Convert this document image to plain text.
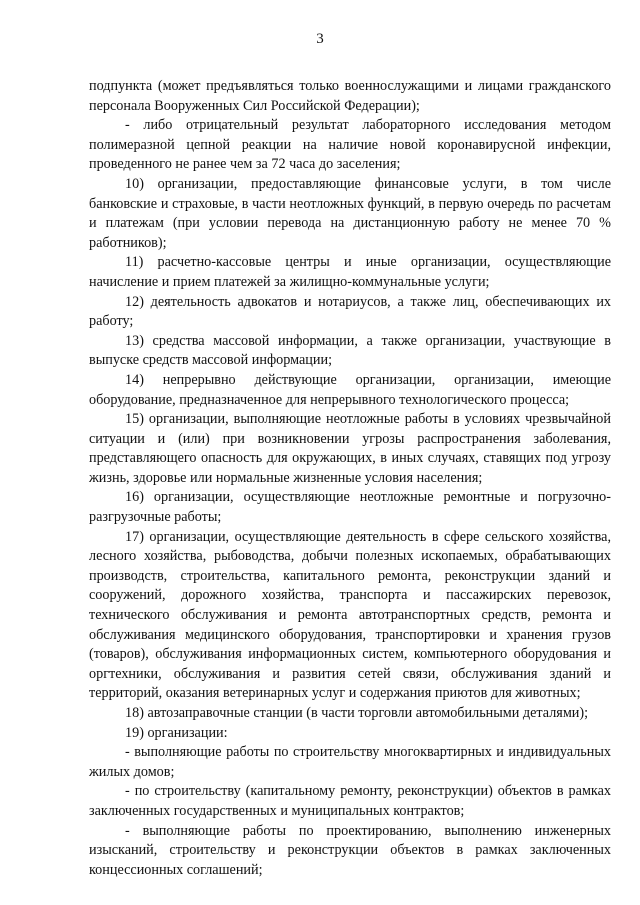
3

подпункта (может предъявляться только военнослужащими и лицами гражданского персонала Вооруженных Сил Российской Федерации);

- либо отрицательный результат лабораторного исследования методом полимеразной цепной реакции на наличие новой коронавирусной инфекции, проведенного не ранее чем за 72 часа до заселения;

10) организации, предоставляющие финансовые услуги, в том числе банковские и страховые, в части неотложных функций, в первую очередь по расчетам и платежам (при условии перевода на дистанционную работу не менее 70 % работников);

11) расчетно-кассовые центры и иные организации, осуществляющие начисление и прием платежей за жилищно-коммунальные услуги;

12) деятельность адвокатов и нотариусов, а также лиц, обеспечивающих их работу;

13) средства массовой информации, а также организации, участвующие в выпуске средств массовой информации;

14) непрерывно действующие организации, организации, имеющие оборудование, предназначенное для непрерывного технологического процесса;

15) организации, выполняющие неотложные работы в условиях чрезвычайной ситуации и (или) при возникновении угрозы распространения заболевания, представляющего опасность для окружающих, в иных случаях, ставящих под угрозу жизнь, здоровье или нормальные жизненные условия населения;

16) организации, осуществляющие неотложные ремонтные и погрузочно-разгрузочные работы;

17) организации, осуществляющие деятельность в сфере сельского хозяйства, лесного хозяйства, рыбоводства, добычи полезных ископаемых, обрабатывающих производств, строительства, капитального ремонта, реконструкции зданий и сооружений, дорожного хозяйства, транспорта и пассажирских перевозок, технического обслуживания и ремонта автотранспортных средств, ремонта и обслуживания медицинского оборудования, транспортировки и хранения грузов (товаров), обслуживания информационных систем, компьютерного оборудования и оргтехники, обслуживания и развития сетей связи, обслуживания зданий и территорий, оказания ветеринарных услуг и содержания приютов для животных;

18) автозаправочные станции (в части торговли автомобильными деталями);

19) организации:

- выполняющие работы по строительству многоквартирных и индивидуальных жилых домов;

- по строительству (капитальному ремонту, реконструкции) объектов в рамках заключенных государственных и муниципальных контрактов;

- выполняющие работы по проектированию, выполнению инженерных изысканий, строительству и реконструкции объектов в рамках заключенных концессионных соглашений;
